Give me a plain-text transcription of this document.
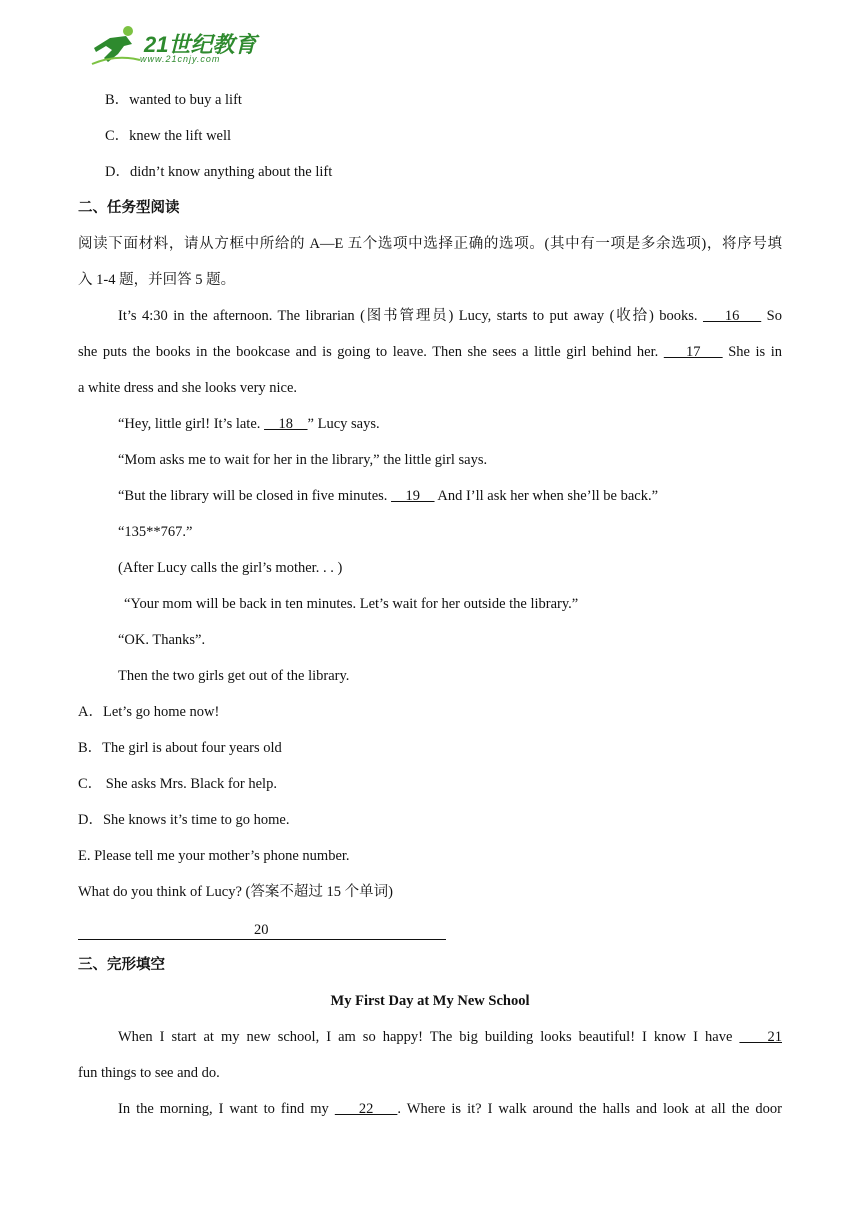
21世纪教育
www.21cnjy.com
B．wanted to buy a lift
C．knew the lift well
D．didn’t know anything about the lift
二、任务型阅读
阅读下面材料，请从方框中所给的 A—E 五个选项中选择正确的选项。(其中有一项是多余选项)，将序号填
入 1-4 题，并回答 5 题。
It’s 4:30 in the afternoon. The librarian (图书管理员) Lucy, starts to put away (收拾) books.     16     So
she puts the books in the bookcase and is going to leave. Then she sees a little girl behind her.     17     She is in
a white dress and she looks very nice.
“Hey, little girl! It’s late.     18    ” Lucy says.
“Mom asks me to wait for her in the library,” the little girl says.
“But the library will be closed in five minutes.     19     And I’ll ask her when she’ll be back.”
“135**767.”
(After Lucy calls the girl’s mother. . . )
“Your mom will be back in ten minutes. Let’s wait for her outside the library.”
“OK. Thanks”.
Then the two girls get out of the library.
A．Let’s go home now!
B．The girl is about four years old
C． She asks Mrs. Black for help.
D．She knows it’s time to go home.
E. Please tell me your mother’s phone number.
What do you think of Lucy? (答案不超过 15 个单词)
20
三、完形填空
My First Day at My New School
When I start at my new school, I am so happy! The big building looks beautiful! I know I have     21
fun things to see and do.
In the morning, I want to find my     22    . Where is it? I walk around the halls and look at all the door
